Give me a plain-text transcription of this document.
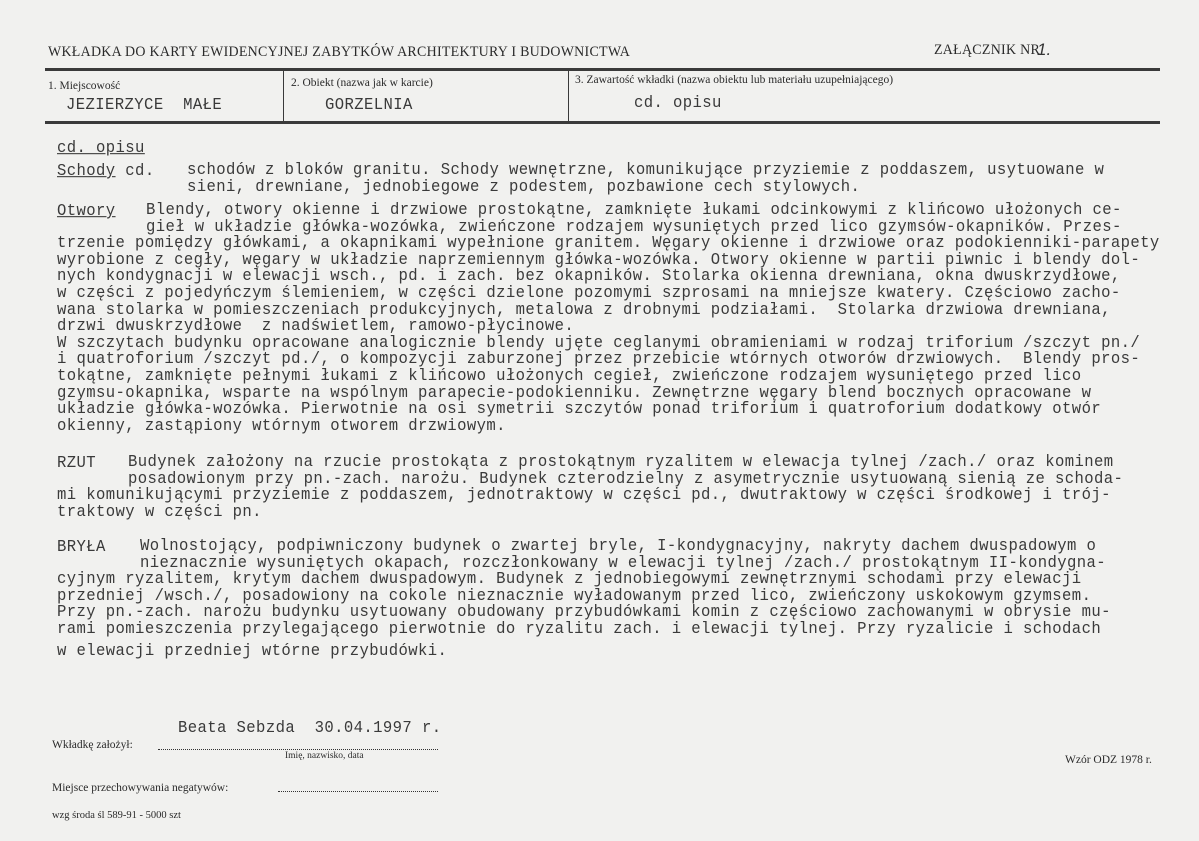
WKŁADKA DO KARTY EWIDENCYJNEJ ZABYTKÓW ARCHITEKTURY I BUDOWNICTWA	ZAŁĄCZNIK NR
1.
1. Miejscowość
JEZIERZYCE  MAŁE
2. Obiekt (nazwa jak w karcie)
GORZELNIA
3. Zawartość wkładki (nazwa obiektu lub materiału uzupełniającego)
cd. opisu
cd. opisu
Schody cd. schodów z bloków granitu. Schody wewnętrzne, komunikujące przyziemie z poddaszem, usytuowane w
sieni, drewniane, jednobiegowe z podestem, pozbawione cech stylowych.
Otwory Blendy, otwory okienne i drzwiowe prostokątne, zamknięte łukami odcinkowymi z klińcowo ułożonych ce-
gieł w układzie główka-wozówka, zwieńczone rodzajem wysuniętych przed lico gzymsów-okapników. Przes-
trzenie pomiędzy główkami, a okapnikami wypełnione granitem. Węgary okienne i drzwiowe oraz podokienniki-parapety
wyrobione z cegły, węgary w układzie naprzemiennym główka-wozówka. Otwory okienne w partii piwnic i blendy dol-
nych kondygnacji w elewacji wsch., pd. i zach. bez okapników. Stolarka okienna drewniana, okna dwuskrzydłowe,
w części z pojedyńczym ślemieniem, w części dzielone pozomymi szprosami na mniejsze kwatery. Częściowo zacho-
wana stolarka w pomieszczeniach produkcyjnych, metalowa z drobnymi podziałami.  Stolarka drzwiowa drewniana,
drzwi dwuskrzydłowe  z nadświetlem, ramowo-płycinowe.
W szczytach budynku opracowane analogicznie blendy ujęte ceglanymi obramieniami w rodzaj triforium /szczyt pn./
i quatroforium /szczyt pd./, o kompozycji zaburzonej przez przebicie wtórnych otworów drzwiowych.  Blendy pros-
tokątne, zamknięte pełnymi łukami z klińcowo ułożonych cegieł, zwieńczone rodzajem wysuniętego przed lico
gzymsu-okapnika, wsparte na wspólnym parapecie-podokienniku. Zewnętrzne węgary blend bocznych opracowane w
układzie główka-wozówka. Pierwotnie na osi symetrii szczytów ponad triforium i quatroforium dodatkowy otwór
okienny, zastąpiony wtórnym otworem drzwiowym.
RZUT Budynek założony na rzucie prostokąta z prostokątnym ryzalitem w elewacja tylnej /zach./ oraz kominem
posadowionym przy pn.-zach. narożu. Budynek czterodzielny z asymetrycznie usytuowaną sienią ze schoda-
mi komunikującymi przyziemie z poddaszem, jednotraktowy w części pd., dwutraktowy w części środkowej i trój-
traktowy w części pn.
BRYŁA Wolnostojący, podpiwniczony budynek o zwartej bryle, I-kondygnacyjny, nakryty dachem dwuspadowym o
nieznacznie wysuniętych okapach, rozczłonkowany w elewacji tylnej /zach./ prostokątnym II-kondygna-
cyjnym ryzalitem, krytym dachem dwuspadowym. Budynek z jednobiegowymi zewnętrznymi schodami przy elewacji
przedniej /wsch./, posadowiony na cokole nieznacznie wyładowanym przed lico, zwieńczony uskokowym gzymsem.
Przy pn.-zach. narożu budynku usytuowany obudowany przybudówkami komin z częściowo zachowanymi w obrysie mu-
rami pomieszczenia przylegającego pierwotnie do ryzalitu zach. i elewacji tylnej. Przy ryzalicie i schodach
w elewacji przedniej wtórne przybudówki.
Beata Sebzda  30.04.1997 r.
Wkładkę założył:
Imię, nazwisko, data	Wzór ODZ 1978 r.
Miejsce przechowywania negatywów:
wzg środa śl 589-91 - 5000 szt
